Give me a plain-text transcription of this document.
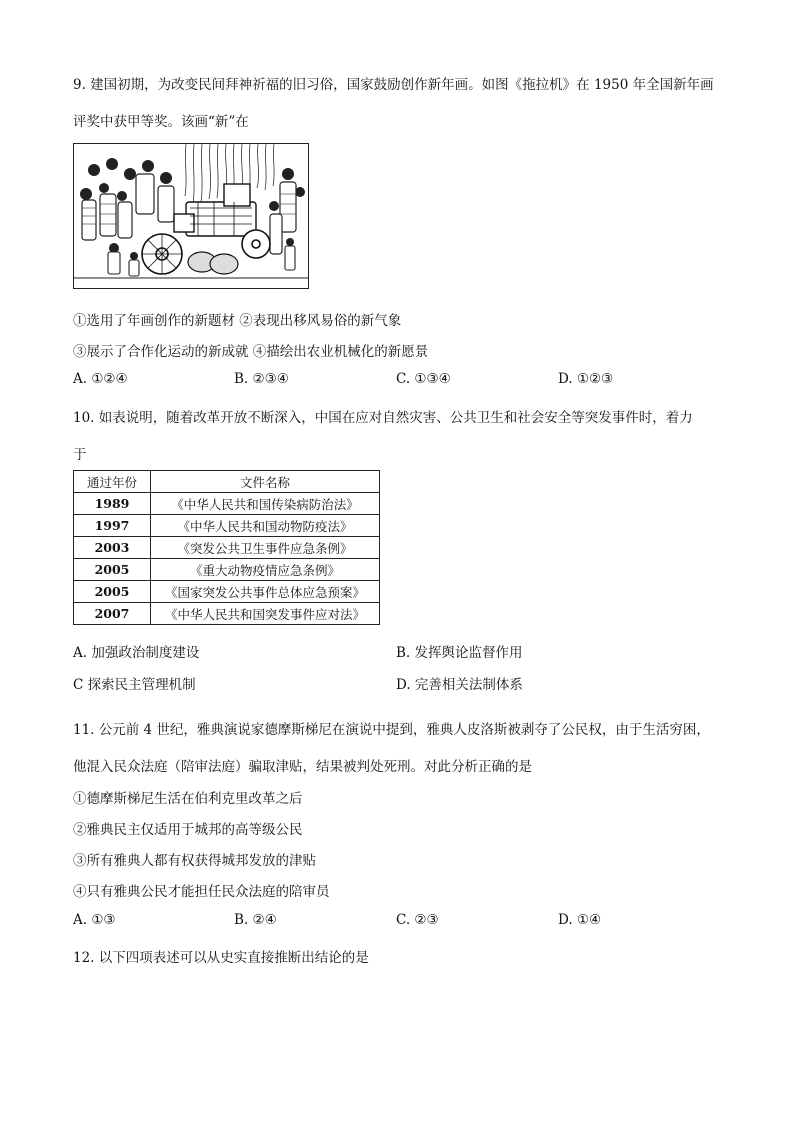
9. 建国初期，为改变民间拜神祈福的旧习俗，国家鼓励创作新年画。如图《拖拉机》在 1950 年全国新年画
评奖中获甲等奖。该画“新”在
①选用了年画创作的新题材 ②表现出移风易俗的新气象
③展示了合作化运动的新成就 ④描绘出农业机械化的新愿景
A. ①②④	B. ②③④	C. ①③④	D. ①②③
10. 如表说明，随着改革开放不断深入，中国在应对自然灾害、公共卫生和社会安全等突发事件时，着力
于
通过年份	文件名称
1989	《中华人民共和国传染病防治法》
1997	《中华人民共和国动物防疫法》
2003	《突发公共卫生事件应急条例》
2005	《重大动物疫情应急条例》
2005	《国家突发公共事件总体应急预案》
2007	《中华人民共和国突发事件应对法》
A. 加强政治制度建设	B. 发挥舆论监督作用
C 探索民主管理机制	D. 完善相关法制体系
11. 公元前 4 世纪，雅典演说家德摩斯梯尼在演说中提到，雅典人皮洛斯被剥夺了公民权，由于生活穷困，
他混入民众法庭（陪审法庭）骗取津贴，结果被判处死刑。对此分析正确的是
①德摩斯梯尼生活在伯利克里改革之后
②雅典民主仅适用于城邦的高等级公民
③所有雅典人都有权获得城邦发放的津贴
④只有雅典公民才能担任民众法庭的陪审员
A. ①③	B. ②④	C. ②③	D. ①④
12. 以下四项表述可以从史实直接推断出结论的是
